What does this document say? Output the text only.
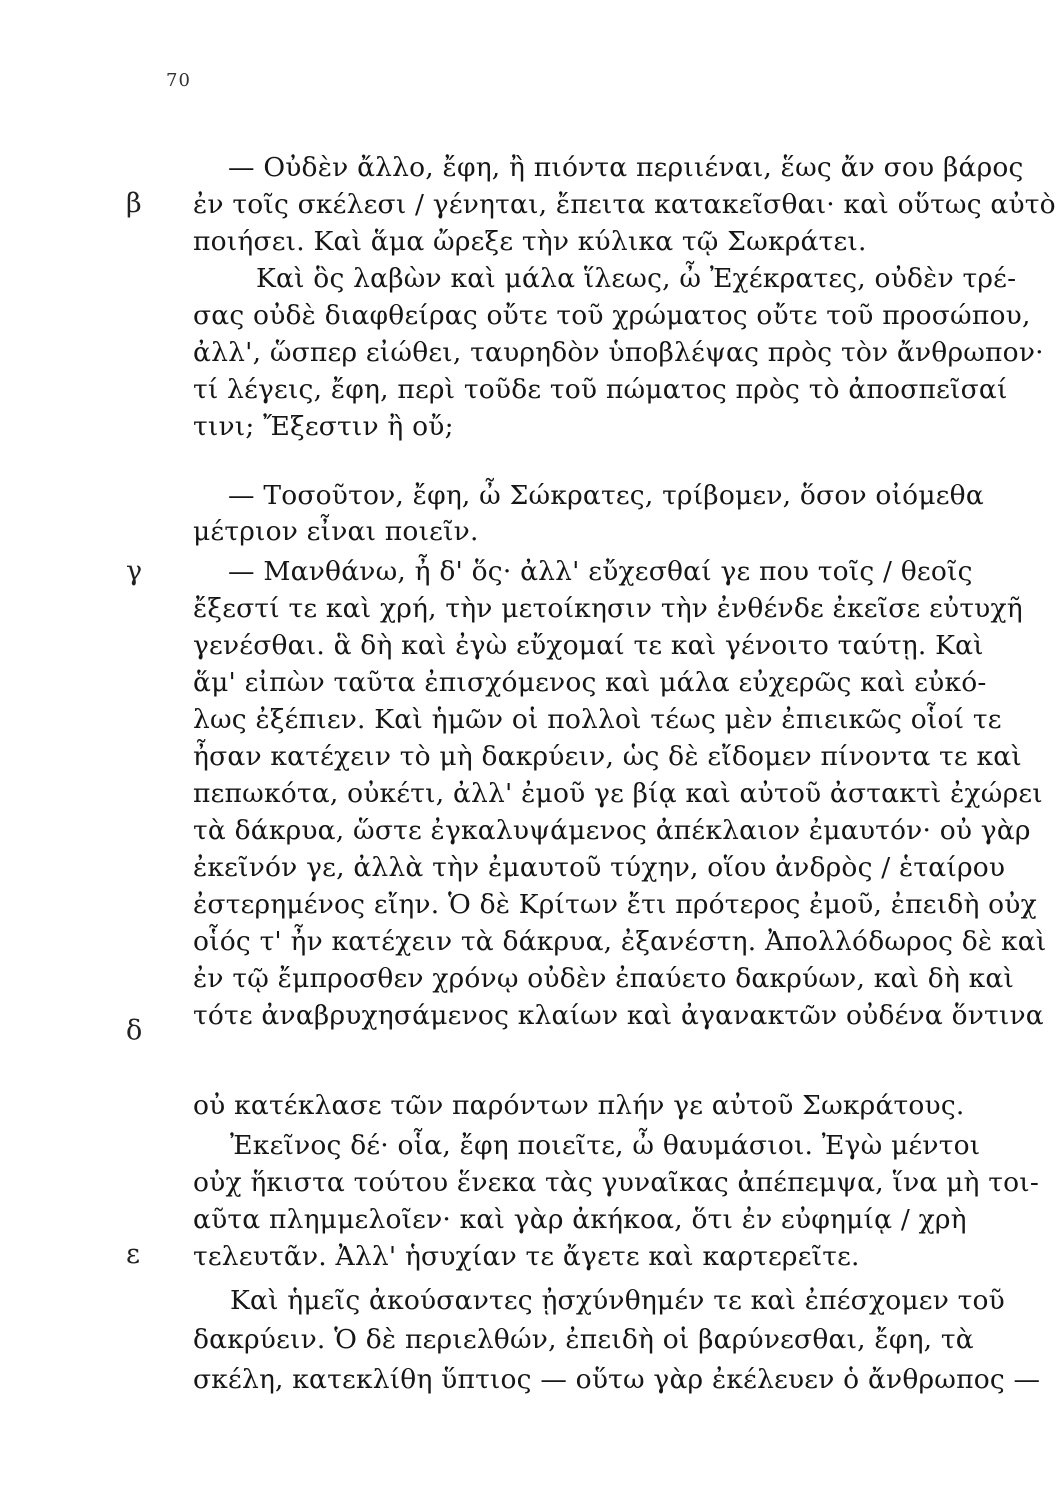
70
β
γ
δ
ε
— Οὐδὲν ἄλλο, ἔφη, ἢ πιόντα περιιέναι, ἕως ἄν σου βάρος
ἐν τοῖς σκέλεσι / γένηται, ἔπειτα κατακεῖσθαι· καὶ οὕτως αὐτὸ
ποιήσει. Καὶ ἅμα ὤρεξε τὴν κύλικα τῷ Σωκράτει.
Καὶ ὃς λαβὼν καὶ μάλα ἵλεως, ὦ Ἐχέκρατες, οὐδὲν τρέ-
σας οὐδὲ διαφθείρας οὔτε τοῦ χρώματος οὔτε τοῦ προσώπου,
ἀλλ', ὥσπερ εἰώθει, ταυρηδὸν ὑποβλέψας πρὸς τὸν ἄνθρωπον·
τί λέγεις, ἔφη, περὶ τοῦδε τοῦ πώματος πρὸς τὸ ἀποσπεῖσαί
τινι; Ἔξεστιν ἢ οὔ;
— Τοσοῦτον, ἔφη, ὦ Σώκρατες, τρίβομεν, ὅσον οἰόμεθα
μέτριον εἶναι ποιεῖν.
— Μανθάνω, ἦ δ' ὅς· ἀλλ' εὔχεσθαί γε που τοῖς / θεοῖς
ἔξεστί τε καὶ χρή, τὴν μετοίκησιν τὴν ἐνθένδε ἐκεῖσε εὐτυχῆ
γενέσθαι. ἃ δὴ καὶ ἐγὼ εὔχομαί τε καὶ γένοιτο ταύτῃ. Καὶ
ἅμ' εἰπὼν ταῦτα ἐπισχόμενος καὶ μάλα εὐχερῶς καὶ εὐκό-
λως ἐξέπιεν. Καὶ ἡμῶν οἱ πολλοὶ τέως μὲν ἐπιεικῶς οἷοί τε
ἦσαν κατέχειν τὸ μὴ δακρύειν, ὡς δὲ εἴδομεν πίνοντα τε καὶ
πεπωκότα, οὐκέτι, ἀλλ' ἐμοῦ γε βίᾳ καὶ αὐτοῦ ἀστακτὶ ἐχώρει
τὰ δάκρυα, ὥστε ἐγκαλυψάμενος ἀπέκλαιον ἐμαυτόν· οὐ γὰρ
ἐκεῖνόν γε, ἀλλὰ τὴν ἐμαυτοῦ τύχην, οἵου ἀνδρὸς / ἑταίρου
ἐστερημένος εἴην. Ὁ δὲ Κρίτων ἔτι πρότερος ἐμοῦ, ἐπειδὴ οὐχ
οἷός τ' ἦν κατέχειν τὰ δάκρυα, ἐξανέστη. Ἀπολλόδωρος δὲ καὶ
ἐν τῷ ἔμπροσθεν χρόνῳ οὐδὲν ἐπαύετο δακρύων, καὶ δὴ καὶ
τότε ἀναβρυχησάμενος κλαίων καὶ ἀγανακτῶν οὐδένα ὅντινα
οὐ κατέκλασε τῶν παρόντων πλήν γε αὐτοῦ Σωκράτους.
Ἐκεῖνος δέ· οἷα, ἔφη ποιεῖτε, ὦ θαυμάσιοι. Ἐγὼ μέντοι
οὐχ ἥκιστα τούτου ἕνεκα τὰς γυναῖκας ἀπέπεμψα, ἵνα μὴ τοι-
αῦτα πλημμελοῖεν· καὶ γὰρ ἀκήκοα, ὅτι ἐν εὐφημίᾳ / χρὴ
τελευτᾶν. Ἀλλ' ἡσυχίαν τε ἄγετε καὶ καρτερεῖτε.
Καὶ ἡμεῖς ἀκούσαντες ᾐσχύνθημέν τε καὶ ἐπέσχομεν τοῦ
δακρύειν. Ὁ δὲ περιελθών, ἐπειδὴ οἱ βαρύνεσθαι, ἔφη, τὰ
σκέλη, κατεκλίθη ὕπτιος — οὕτω γὰρ ἐκέλευεν ὁ ἄνθρωπος —
